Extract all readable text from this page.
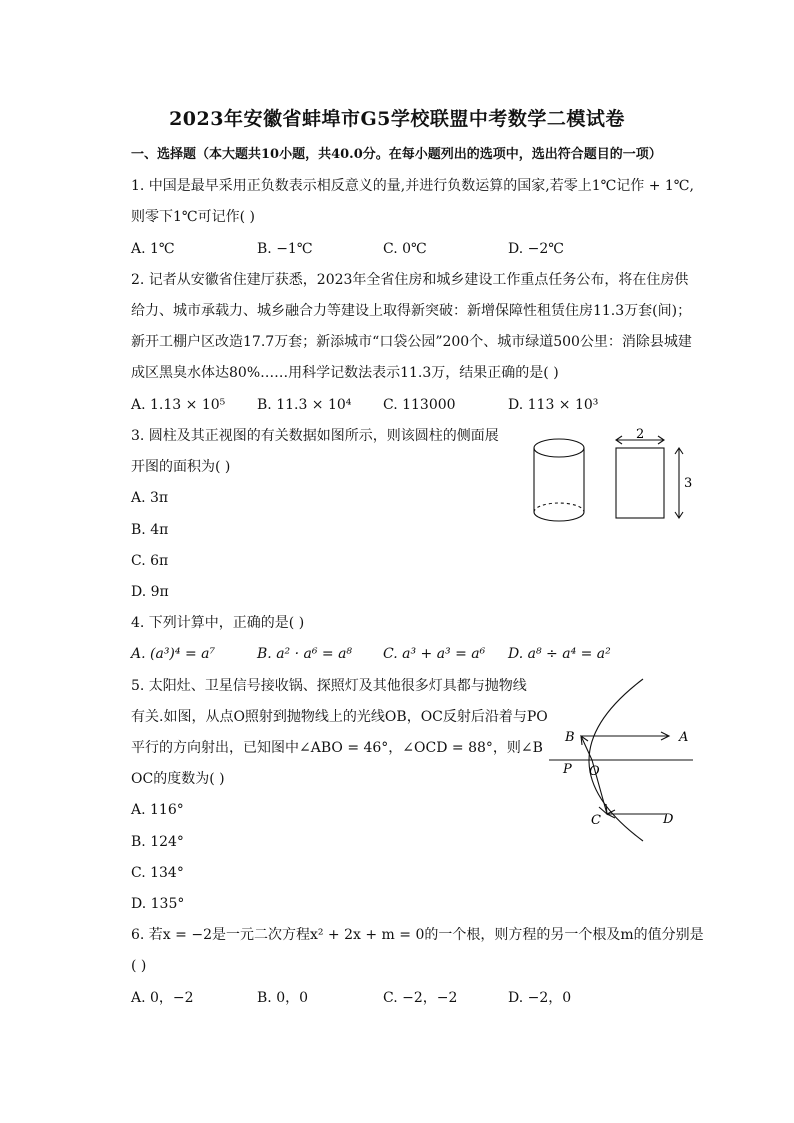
2023年安徽省蚌埠市G5学校联盟中考数学二模试卷
一、选择题（本大题共10小题，共40.0分。在每小题列出的选项中，选出符合题目的一项）
1. 中国是最早采用正负数表示相反意义的量,并进行负数运算的国家,若零上1℃记作 + 1℃,
则零下1℃可记作( )
A. 1℃	B. −1℃	C. 0℃	D. −2℃
2. 记者从安徽省住建厅获悉，2023年全省住房和城乡建设工作重点任务公布，将在住房供
给力、城市承载力、城乡融合力等建设上取得新突破：新增保障性租赁住房11.3万套(间)；
新开工棚户区改造17.7万套；新添城市“口袋公园”200个、城市绿道500公里：消除县城建
成区黑臭水体达80%……用科学记数法表示11.3万，结果正确的是( )
A. 1.13 × 10⁵ B. 11.3 × 10⁴ C. 113000	D. 113 × 10³
3. 圆柱及其正视图的有关数据如图所示，则该圆柱的侧面展
开图的面积为( )
A. 3π
B. 4π
C. 6π
D. 9π
2
3
4. 下列计算中，正确的是( )
A. (a³)⁴ = a⁷	B. a² · a⁶ = a⁸ C. a³ + a³ = a⁶ D. a⁸ ÷ a⁴ = a²
5. 太阳灶、卫星信号接收锅、探照灯及其他很多灯具都与抛物线
有关.如图，从点O照射到抛物线上的光线OB，OC反射后沿着与PO
平行的方向射出，已知图中∠ABO = 46°，∠OCD = 88°，则∠B
OC的度数为( )
A. 116°
B. 124°
C. 134°
D. 135°
B	A
P O
C	D
6. 若x = −2是一元二次方程x² + 2x + m = 0的一个根，则方程的另一个根及m的值分别是
( )
A. 0，−2	B. 0，0	C. −2，−2	D. −2，0
